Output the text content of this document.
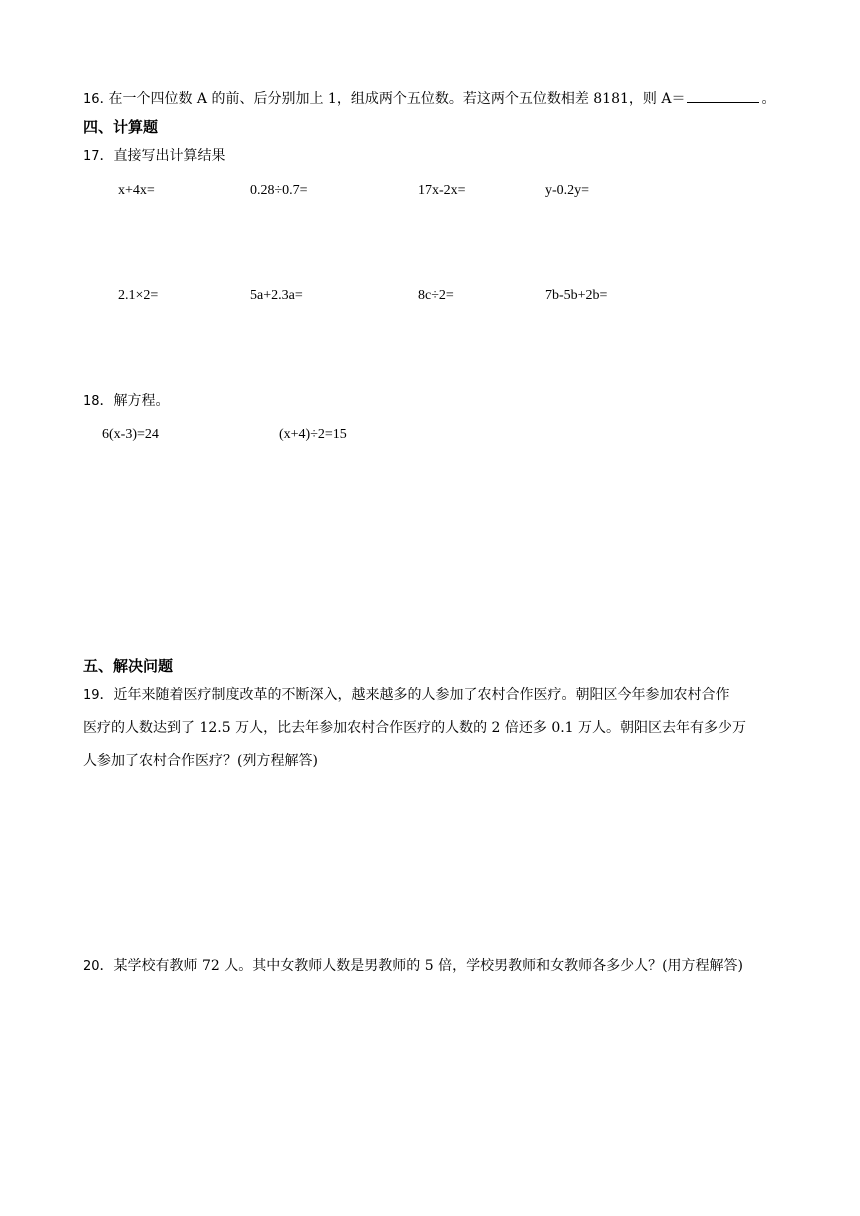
16. 在一个四位数 A 的前、后分别加上 1，组成两个五位数。若这两个五位数相差 8181，则 A＝	。
四、计算题
17．直接写出计算结果
x+4x=	0.28÷0.7=	17x-2x=	y-0.2y=
2.1×2=	5a+2.3a=	8c÷2=	7b-5b+2b=
18．解方程。
6(x-3)=24	(x+4)÷2=15
五、解决问题
19．近年来随着医疗制度改革的不断深入，越来越多的人参加了农村合作医疗。朝阳区今年参加农村合作
医疗的人数达到了 12.5 万人，比去年参加农村合作医疗的人数的 2 倍还多 0.1 万人。朝阳区去年有多少万
人参加了农村合作医疗？(列方程解答)
20．某学校有教师 72 人。其中女教师人数是男教师的 5 倍，学校男教师和女教师各多少人？(用方程解答)
